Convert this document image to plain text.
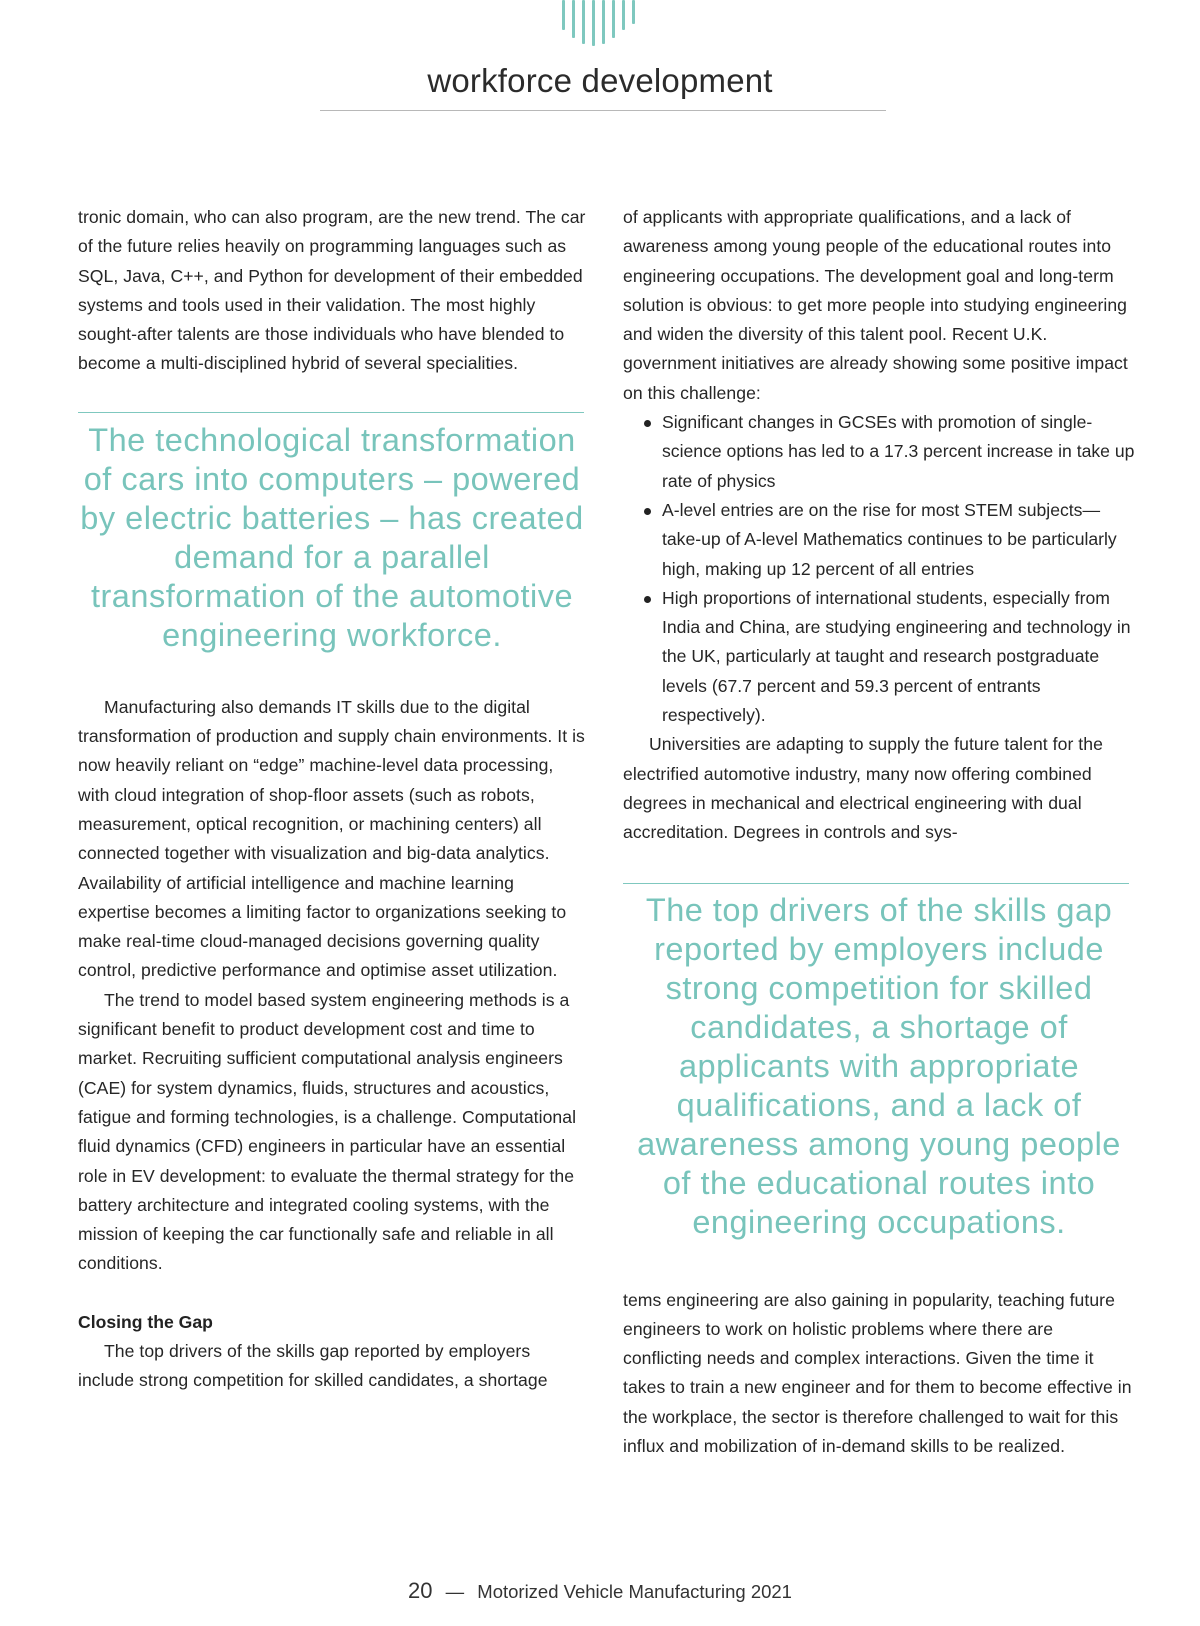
workforce development

tronic domain, who can also program, are the new trend. The car of the future relies heavily on programming languages such as SQL, Java, C++, and Python for development of their embedded systems and tools used in their validation. The most highly sought-after talents are those individuals who have blended to become a multi-disciplined hybrid of several specialities.

The technological transformation of cars into computers – powered by electric batteries – has created demand for a parallel transformation of the automotive engineering workforce.

Manufacturing also demands IT skills due to the digital transformation of production and supply chain environments. It is now heavily reliant on “edge” machine-level data processing, with cloud integration of shop-floor assets (such as robots, measurement, optical recognition, or machining centers) all connected together with visualization and big-data analytics. Availability of artificial intelligence and machine learning expertise becomes a limiting factor to organizations seeking to make real-time cloud-managed decisions governing quality control, predictive performance and optimise asset utilization.

The trend to model based system engineering methods is a significant benefit to product development cost and time to market. Recruiting sufficient computational analysis engineers (CAE) for system dynamics, fluids, structures and acoustics, fatigue and forming technologies, is a challenge. Computational fluid dynamics (CFD) engineers in particular have an essential role in EV development: to evaluate the thermal strategy for the battery architecture and integrated cooling systems, with the mission of keeping the car functionally safe and reliable in all conditions.

Closing the Gap

The top drivers of the skills gap reported by employers include strong competition for skilled candidates, a shortage

of applicants with appropriate qualifications, and a lack of awareness among young people of the educational routes into engineering occupations. The development goal and long-term solution is obvious: to get more people into studying engineering and widen the diversity of this talent pool. Recent U.K. government initiatives are already showing some positive impact on this challenge:

Significant changes in GCSEs with promotion of single-science options has led to a 17.3 percent increase in take up rate of physics
A-level entries are on the rise for most STEM subjects—take-up of A-level Mathematics continues to be particularly high, making up 12 percent of all entries
High proportions of international students, especially from India and China, are studying engineering and technology in the UK, particularly at taught and research postgraduate levels (67.7 percent and 59.3 percent of entrants respectively).

Universities are adapting to supply the future talent for the electrified automotive industry, many now offering combined degrees in mechanical and electrical engineering with dual accreditation. Degrees in controls and sys-

The top drivers of the skills gap reported by employers include strong competition for skilled candidates, a shortage of applicants with appropriate qualifications, and a lack of awareness among young people of the educational routes into engineering occupations.

tems engineering are also gaining in popularity, teaching future engineers to work on holistic problems where there are conflicting needs and complex interactions. Given the time it takes to train a new engineer and for them to become effective in the workplace, the sector is therefore challenged to wait for this influx and mobilization of in-demand skills to be realized.

20 — Motorized Vehicle Manufacturing 2021
